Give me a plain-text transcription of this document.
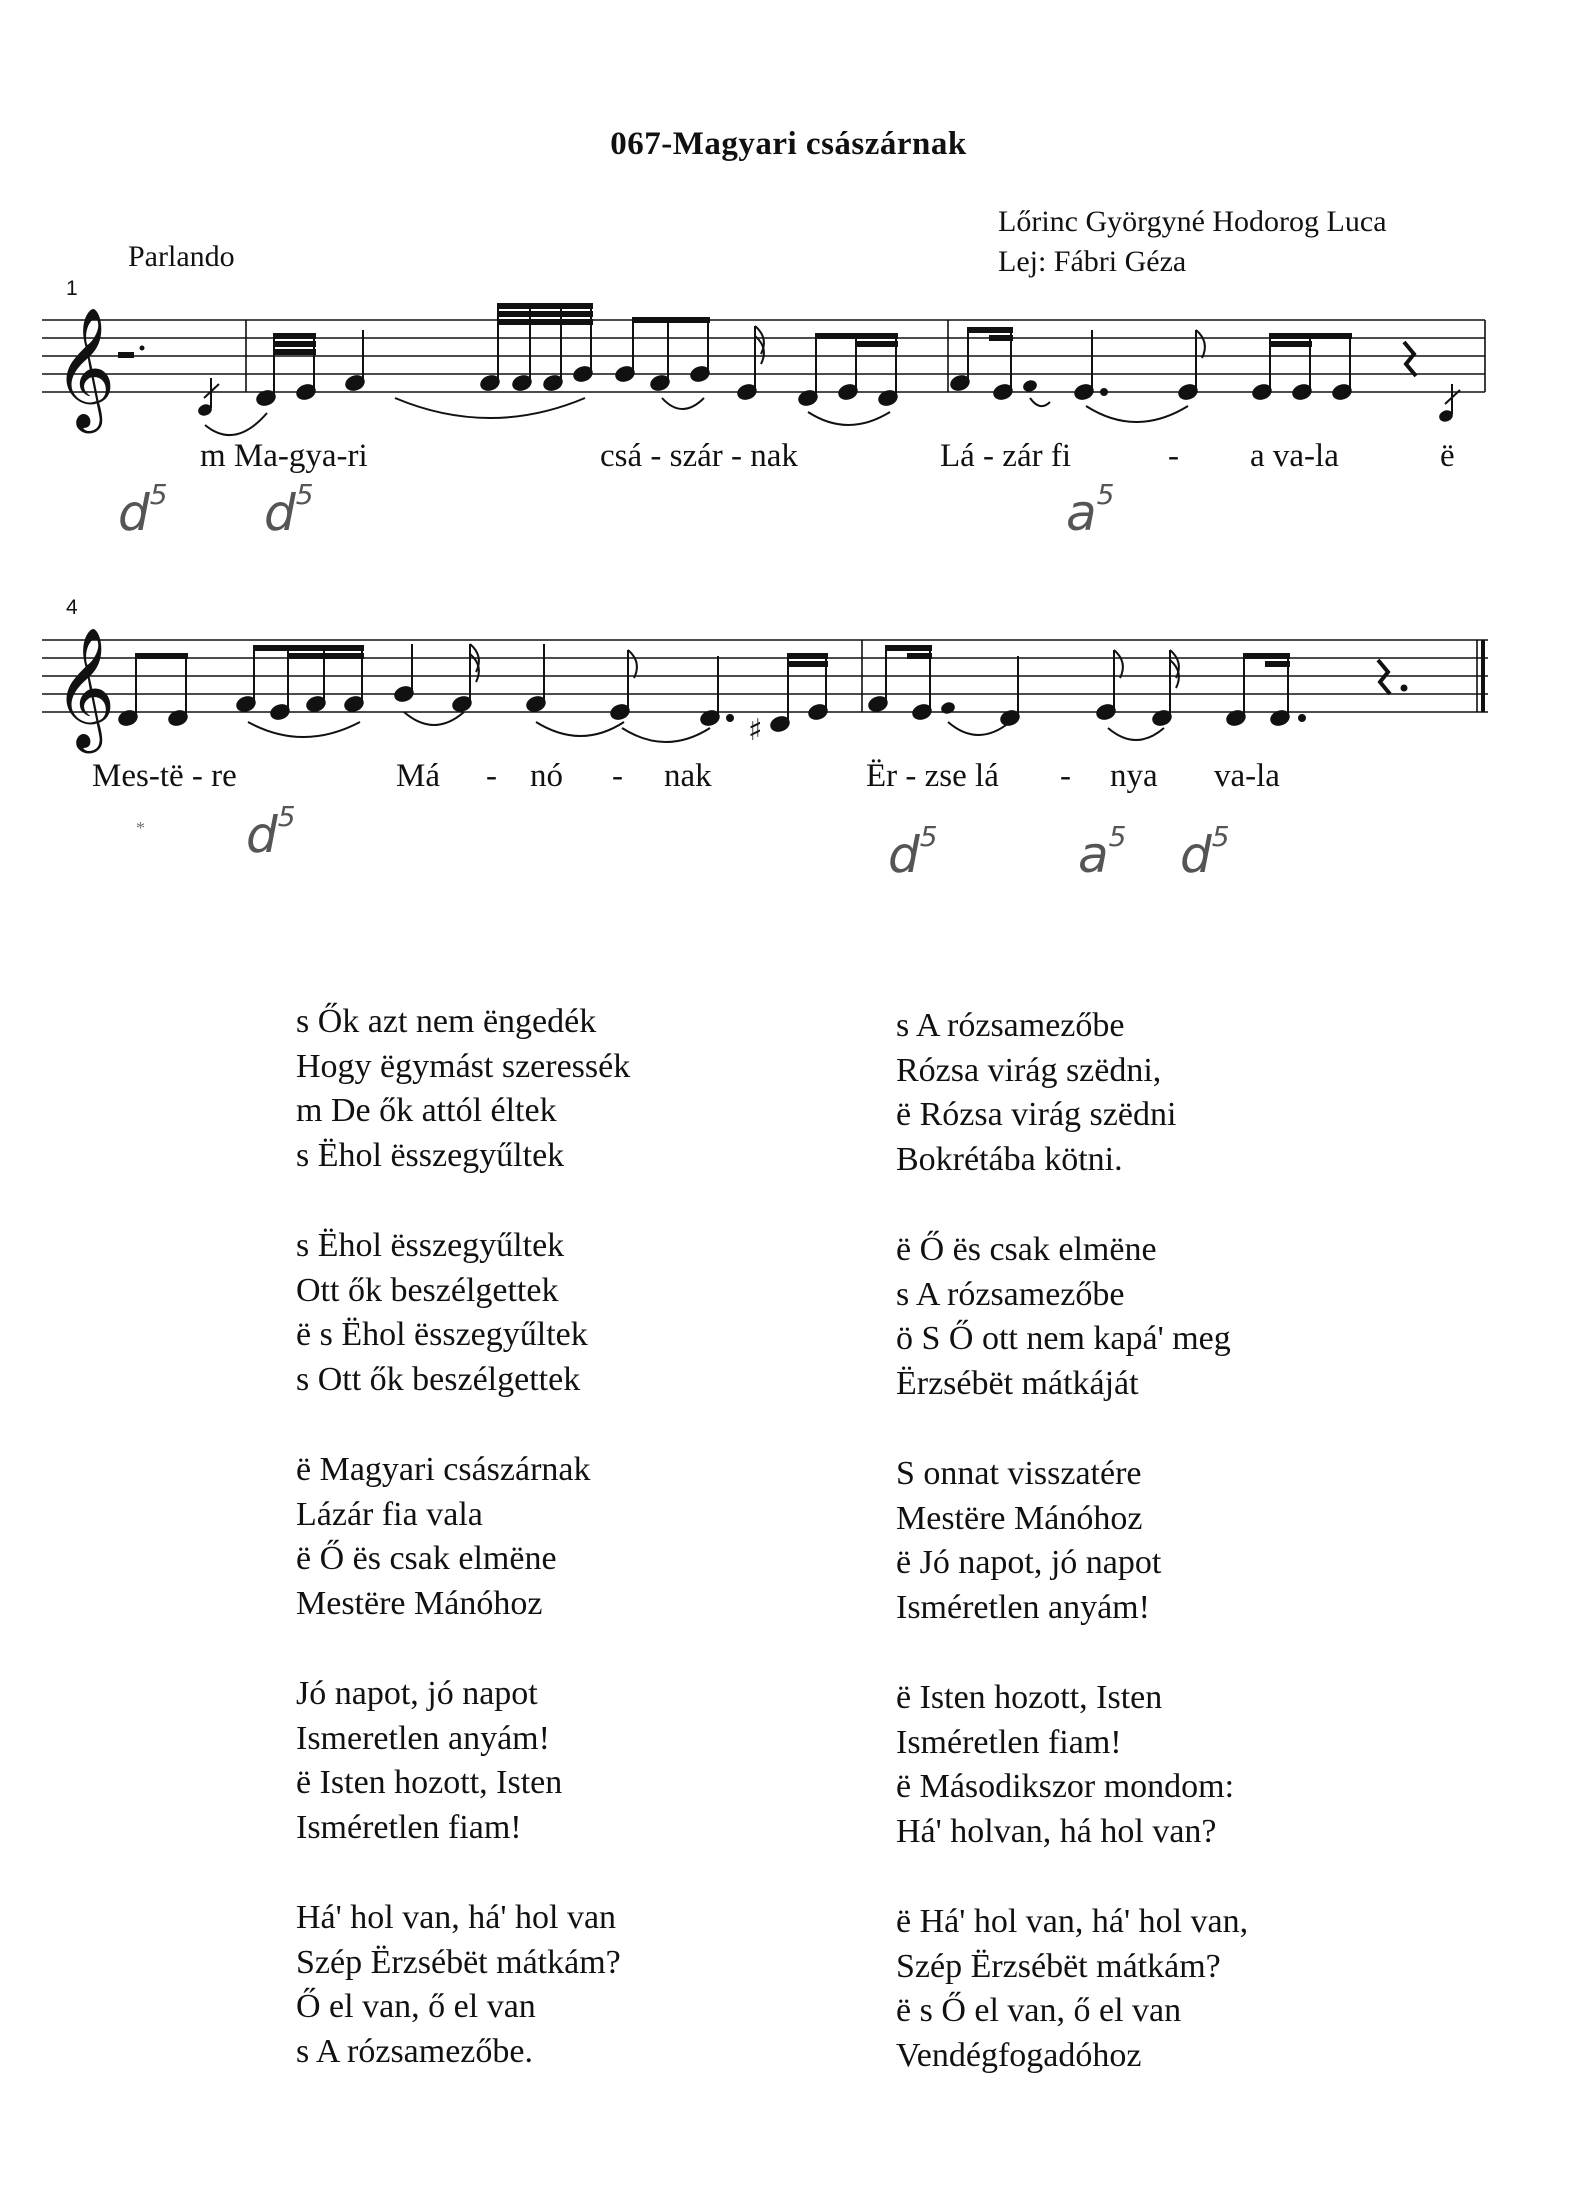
067-Magyari császárnak
Parlando
Lőrinc Györgyné Hodorog Luca
Lej: Fábri Géza
𝄞
𝄞	♯
1
4
m Ma-gya-ri	csá - szár - nak	Lá - zár fi	- a va-la	ë
$d^5$ $d^5$	$a^5$
Mes-të - re	Má - nó - nak	Ër - zse lá - nya va-la
$d^5$
$d^5$	$a^5$ $d^5$
*
s Ők azt nem ëngedék
Hogy ëgymást szeressék
m De ők attól éltek
s Ëhol ësszegyűltek
s Ëhol ësszegyűltek
Ott ők beszélgettek
ë s Ëhol ësszegyűltek
s Ott ők beszélgettek
ë Magyari császárnak
Lázár fia vala
ë Ő ës csak elmëne
Mestëre Mánóhoz
Jó napot, jó napot
Ismeretlen anyám!
ë Isten hozott, Isten
Isméretlen fiam!
Há' hol van, há' hol van
Szép Ërzsébët mátkám?
Ő el van, ő el van
s A rózsamezőbe.
s A rózsamezőbe
Rózsa virág szëdni,
ë Rózsa virág szëdni
Bokrétába kötni.
ë Ő ës csak elmëne
s A rózsamezőbe
ö S Ő ott nem kapá' meg
Ërzsébët mátkáját
S onnat visszatére
Mestëre Mánóhoz
ë Jó napot, jó napot
Isméretlen anyám!
ë Isten hozott, Isten
Isméretlen fiam!
ë Másodikszor mondom:
Há' holvan, há hol van?
ë Há' hol van, há' hol van,
Szép Ërzsébët mátkám?
ë s Ő el van, ő el van
Vendégfogadóhoz
